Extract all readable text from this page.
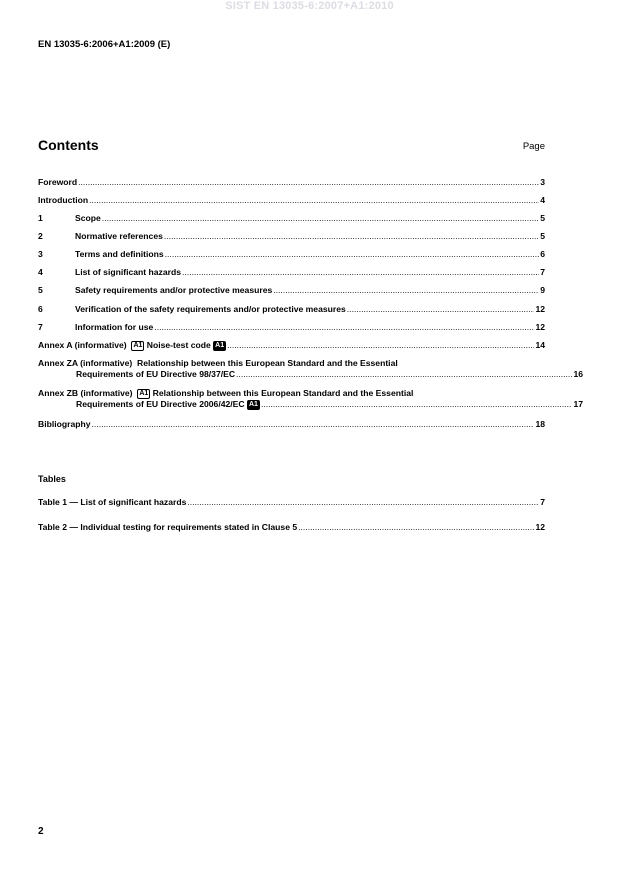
SIST EN 13035-6:2007+A1:2010
EN 13035-6:2006+A1:2009 (E)
Contents	Page
Foreword .....	3
Introduction .....	4
1	Scope .....	5
2	Normative references .....	5
3	Terms and definitions .....	6
4	List of significant hazards .....	7
5	Safety requirements and/or protective measures .....	9
6	Verification of the safety requirements and/or protective measures .....	12
7	Information for use .....	12
Annex A (informative) A1 Noise-test code A1 .....	14
Annex ZA (informative) Relationship between this European Standard and the Essential
Requirements of EU Directive 98/37/EC .....	16
Annex ZB (informative) A1 Relationship between this European Standard and the Essential
Requirements of EU Directive 2006/42/EC A1 .....	17
Bibliography .....	18
Tables
Table 1 — List of significant hazards .....	7
Table 2 — Individual testing for requirements stated in Clause 5 .....	12
2
